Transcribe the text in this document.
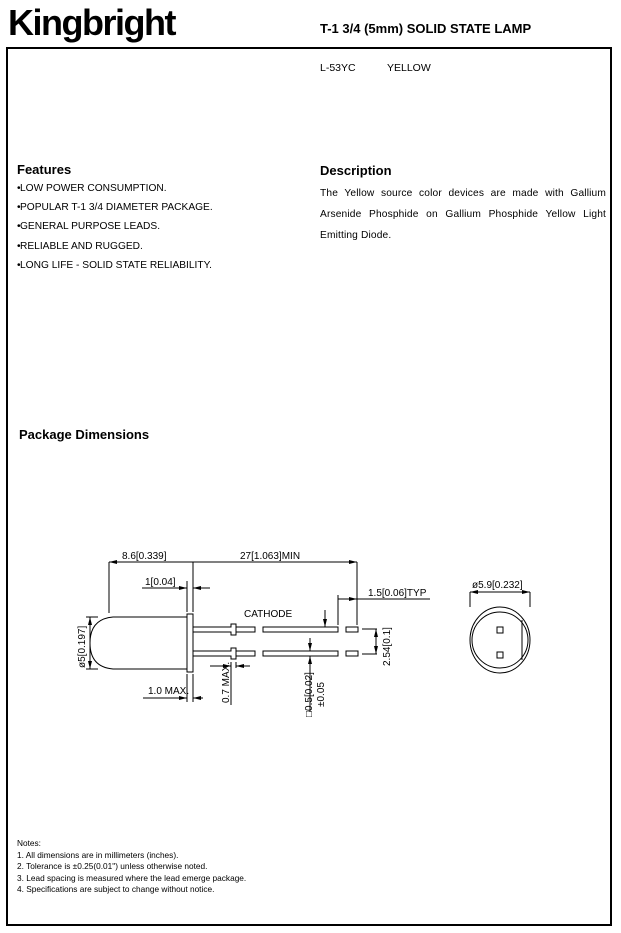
Kingbright	T-1 3/4 (5mm) SOLID STATE LAMP
L-53YC	YELLOW
Features
•LOW POWER CONSUMPTION.
•POPULAR T-1 3/4 DIAMETER PACKAGE.
•GENERAL PURPOSE LEADS.
•RELIABLE AND RUGGED.
•LONG LIFE - SOLID STATE RELIABILITY.
Description
The Yellow source color devices are made with Gallium Arsenide Phosphide on Gallium Phosphide Yellow Light Emitting Diode.
Package Dimensions
8.6[0.339]	27[1.063]MIN
1[0.04]
1.5[0.06]TYP
CATHODE
ø5.9[0.232]
1.0 MAX.
ø5[0.197]	2.54[0.1]
0.7 MAX.	□0.5[0.02] ±0.05
Notes:
1. All dimensions are in millimeters (inches).
2. Tolerance is ±0.25(0.01") unless otherwise noted.
3. Lead spacing is measured where the lead emerge package.
4. Specifications are subject to change without notice.
